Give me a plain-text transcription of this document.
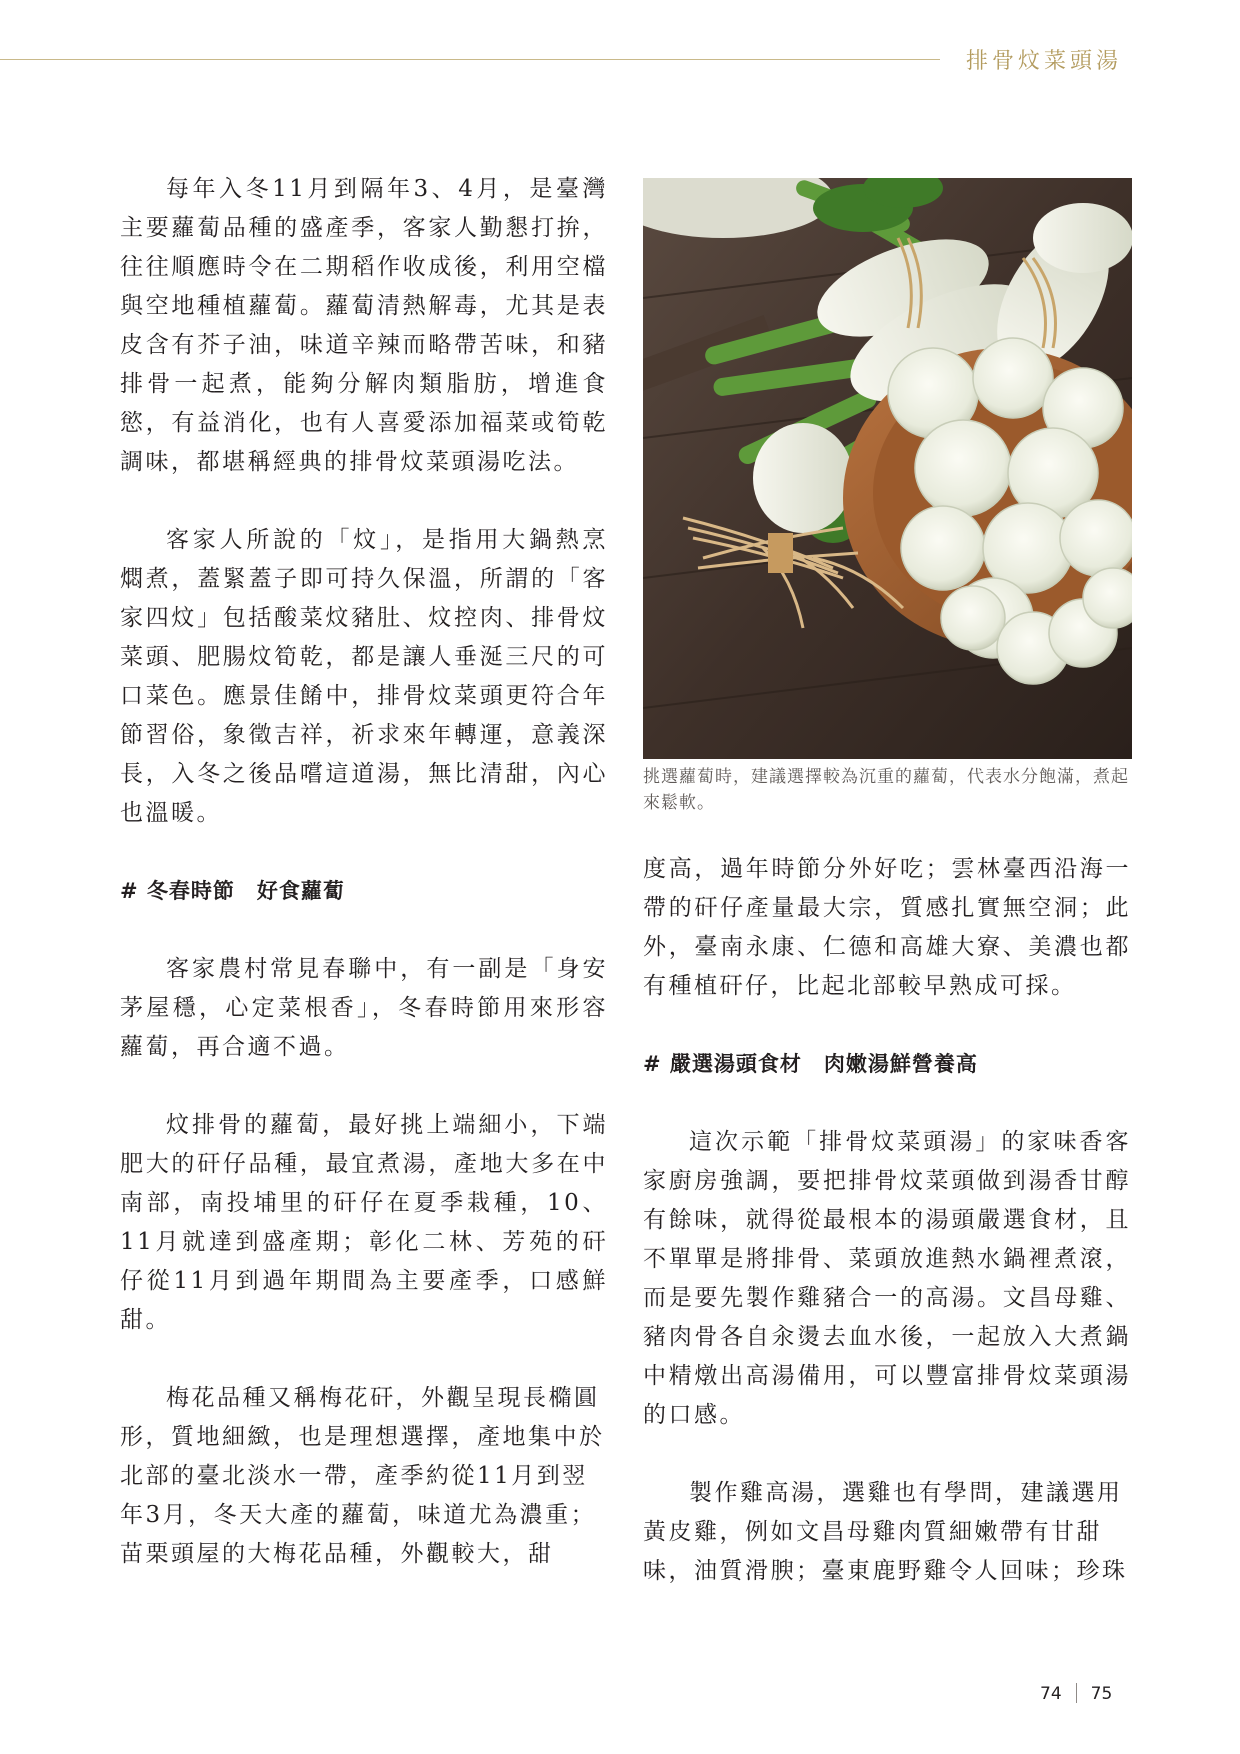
排骨炆菜頭湯

每年入冬11月到隔年3、4月，是臺灣主要蘿蔔品種的盛產季，客家人勤懇打拚，往往順應時令在二期稻作收成後，利用空檔與空地種植蘿蔔。蘿蔔清熱解毒，尤其是表皮含有芥子油，味道辛辣而略帶苦味，和豬排骨一起煮，能夠分解肉類脂肪，增進食慾，有益消化，也有人喜愛添加福菜或筍乾調味，都堪稱經典的排骨炆菜頭湯吃法。

客家人所說的「炆」，是指用大鍋熱烹燜煮，蓋緊蓋子即可持久保溫，所謂的「客家四炆」包括酸菜炆豬肚、炆控肉、排骨炆菜頭、肥腸炆筍乾，都是讓人垂涎三尺的可口菜色。應景佳餚中，排骨炆菜頭更符合年節習俗，象徵吉祥，祈求來年轉運，意義深長，入冬之後品嚐這道湯，無比清甜，內心也溫暖。

# 冬春時節　好食蘿蔔

客家農村常見春聯中，有一副是「身安茅屋穩，心定菜根香」，冬春時節用來形容蘿蔔，再合適不過。

炆排骨的蘿蔔，最好挑上端細小，下端肥大的矸仔品種，最宜煮湯，產地大多在中南部，南投埔里的矸仔在夏季栽種，10、11月就達到盛產期；彰化二林、芳苑的矸仔從11月到過年期間為主要產季，口感鮮甜。

梅花品種又稱梅花矸，外觀呈現長橢圓形，質地細緻，也是理想選擇，產地集中於北部的臺北淡水一帶，產季約從11月到翌年3月，冬天大產的蘿蔔，味道尤為濃重；苗栗頭屋的大梅花品種，外觀較大，甜

挑選蘿蔔時，建議選擇較為沉重的蘿蔔，代表水分飽滿，煮起來鬆軟。

度高，過年時節分外好吃；雲林臺西沿海一帶的矸仔產量最大宗，質感扎實無空洞；此外，臺南永康、仁德和高雄大寮、美濃也都有種植矸仔，比起北部較早熟成可採。

# 嚴選湯頭食材　肉嫩湯鮮營養高

這次示範「排骨炆菜頭湯」的家味香客家廚房強調，要把排骨炆菜頭做到湯香甘醇有餘味，就得從最根本的湯頭嚴選食材，且不單單是將排骨、菜頭放進熱水鍋裡煮滾，而是要先製作雞豬合一的高湯。文昌母雞、豬肉骨各自汆燙去血水後，一起放入大煮鍋中精燉出高湯備用，可以豐富排骨炆菜頭湯的口感。

製作雞高湯，選雞也有學問，建議選用黃皮雞，例如文昌母雞肉質細嫩帶有甘甜味，油質滑腴；臺東鹿野雞令人回味；珍珠

74 75
